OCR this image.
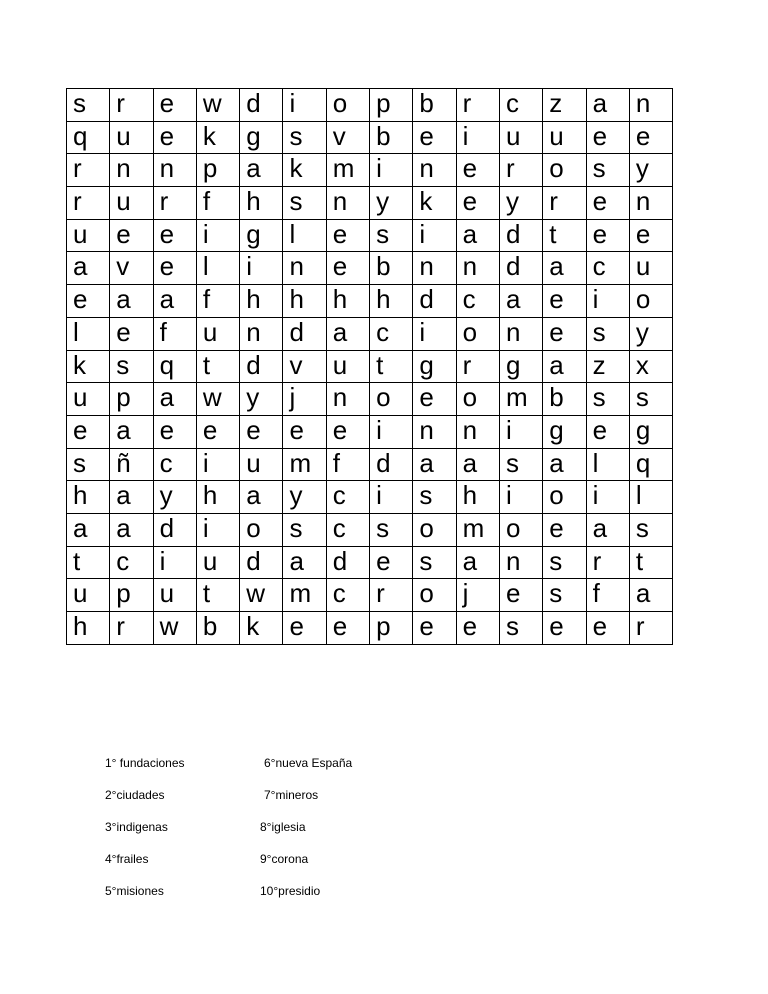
s	r	e	w	d	i	o	p	b	r	c	z	a	n
q	u	e	k	g	s	v	b	e	i	u	u	e	e
r	n	n	p	a	k	m	i	n	e	r	o	s	y
r	u	r	f	h	s	n	y	k	e	y	r	e	n
u	e	e	i	g	l	e	s	i	a	d	t	e	e
a	v	e	l	i	n	e	b	n	n	d	a	c	u
e	a	a	f	h	h	h	h	d	c	a	e	i	o
l	e	f	u	n	d	a	c	i	o	n	e	s	y
k	s	q	t	d	v	u	t	g	r	g	a	z	x
u	p	a	w	y	j	n	o	e	o	m	b	s	s
e	a	e	e	e	e	e	i	n	n	i	g	e	g
s	ñ	c	i	u	m	f	d	a	a	s	a	l	q
h	a	y	h	a	y	c	i	s	h	i	o	i	l
a	a	d	i	o	s	c	s	o	m	o	e	a	s
t	c	i	u	d	a	d	e	s	a	n	s	r	t
u	p	u	t	w	m	c	r	o	j	e	s	f	a
h	r	w	b	k	e	e	p	e	e	s	e	e	r
1° fundaciones
2°ciudades
3°indigenas
4°frailes
5°misiones
6°nueva España
7°mineros
8°iglesia
9°corona
10°presidio
